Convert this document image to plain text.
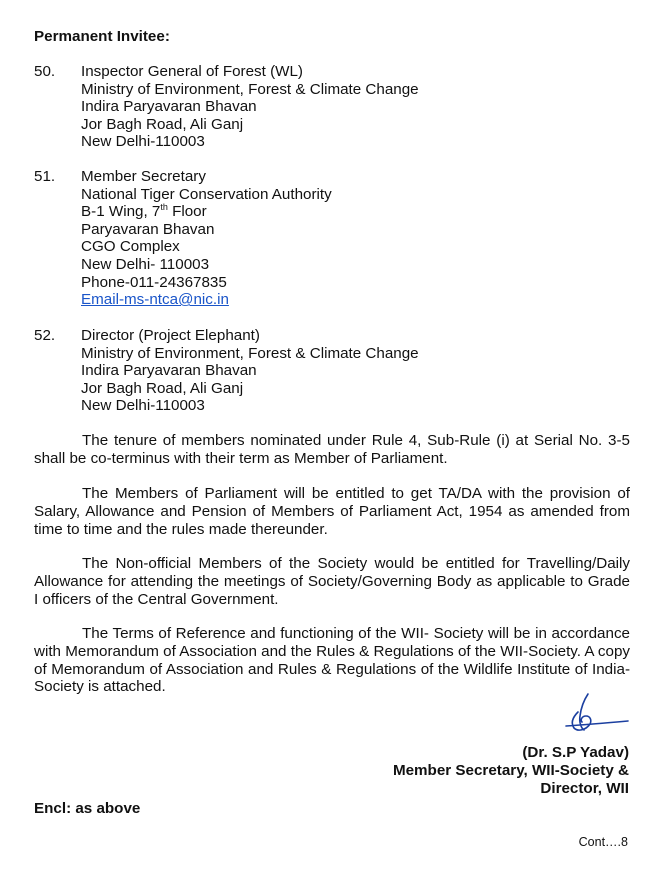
Permanent Invitee:
50. Inspector General of Forest (WL)
Ministry of Environment, Forest & Climate Change
Indira Paryavaran Bhavan
Jor Bagh Road, Ali Ganj
New Delhi-110003
51. Member Secretary
National Tiger Conservation Authority
B-1 Wing, 7th Floor
Paryavaran Bhavan
CGO Complex
New Delhi- 110003
Phone-011-24367835
Email-ms-ntca@nic.in
52. Director (Project Elephant)
Ministry of Environment, Forest & Climate Change
Indira Paryavaran Bhavan
Jor Bagh Road, Ali Ganj
New Delhi-110003
The tenure of members nominated under Rule 4, Sub-Rule (i) at Serial No. 3-5 shall be co-terminus with their term as Member of Parliament.
The Members of Parliament will be entitled to get TA/DA with the provision of Salary, Allowance and Pension of Members of Parliament Act, 1954 as amended from time to time and the rules made thereunder.
The Non-official Members of the Society would be entitled for Travelling/Daily Allowance for attending the meetings of Society/Governing Body as applicable to Grade I officers of the Central Government.
The Terms of Reference and functioning of the WII- Society will be in accordance with Memorandum of Association and the Rules & Regulations of the WII-Society. A copy of Memorandum of Association and Rules & Regulations of the Wildlife Institute of India-Society is attached.
(Dr. S.P Yadav)
Member Secretary, WII-Society &
Director, WII
Encl: as above
Cont….8
